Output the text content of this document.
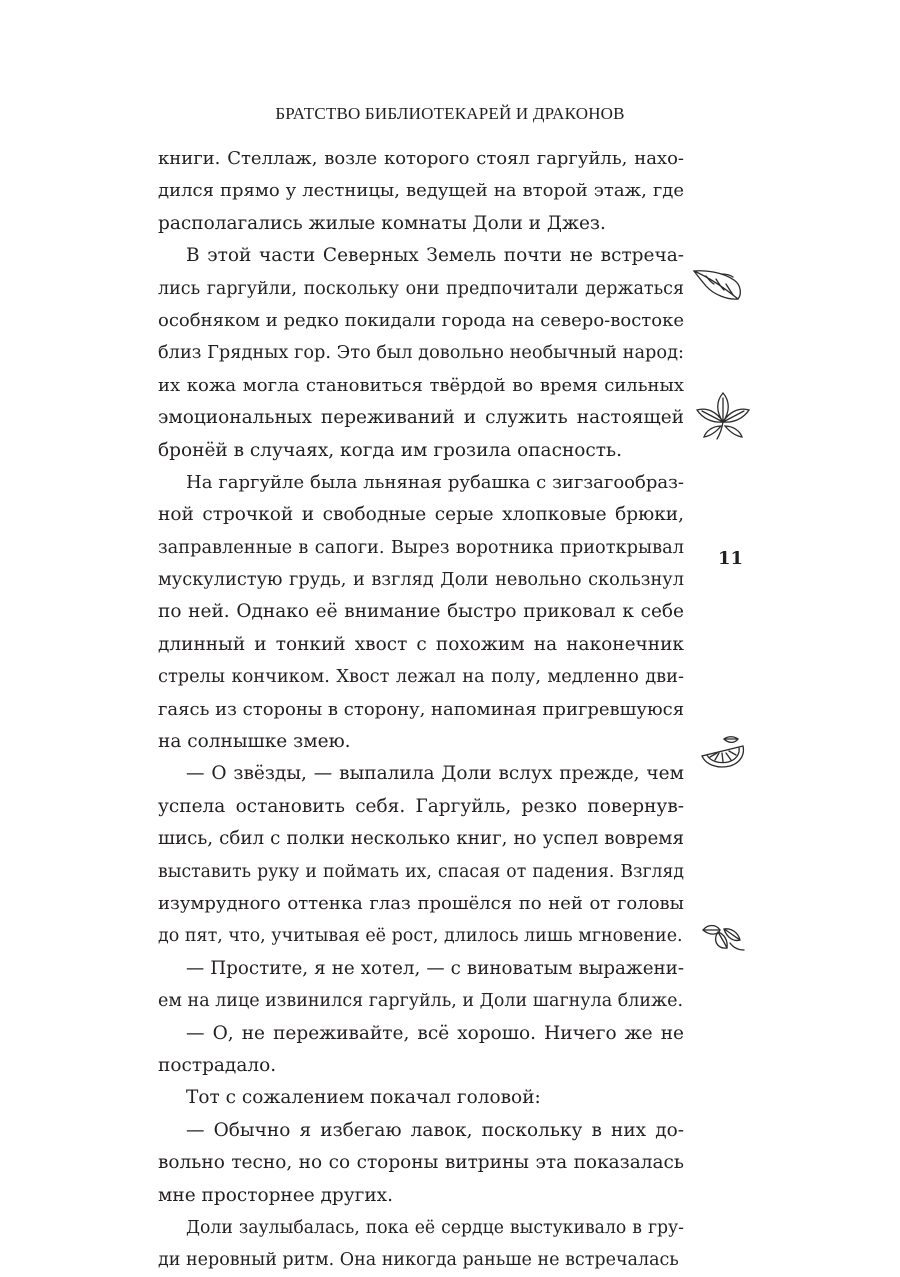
БРАТСТВО БИБЛИОТЕКАРЕЙ И ДРАКОНОВ
книги. Стеллаж, возле которого стоял гаргуйль, нахо-
дился прямо у лестницы, ведущей на второй этаж, где
располагались жилые комнаты Доли и Джез.
В этой части Северных Земель почти не встреча-
лись гаргуйли, поскольку они предпочитали держаться
особняком и редко покидали города на северо-востоке
близ Грядных гор. Это был довольно необычный народ:
их кожа могла становиться твёрдой во время сильных
эмоциональных переживаний и служить настоящей
бронёй в случаях, когда им грозила опасность.
На гаргуйле была льняная рубашка с зигзагообраз-
ной строчкой и свободные серые хлопковые брюки,
заправленные в сапоги. Вырез воротника приоткрывал
мускулистую грудь, и взгляд Доли невольно скользнул
по ней. Однако её внимание быстро приковал к себе
длинный и тонкий хвост с похожим на наконечник
стрелы кончиком. Хвост лежал на полу, медленно дви-
гаясь из стороны в сторону, напоминая пригревшуюся
на солнышке змею.
— О звёзды, — выпалила Доли вслух прежде, чем
успела остановить себя. Гаргуйль, резко повернув-
шись, сбил с полки несколько книг, но успел вовремя
выставить руку и поймать их, спасая от падения. Взгляд
изумрудного оттенка глаз прошёлся по ней от головы
до пят, что, учитывая её рост, длилось лишь мгновение.
— Простите, я не хотел, — с виноватым выражени-
ем на лице извинился гаргуйль, и Доли шагнула ближе.
— О, не переживайте, всё хорошо. Ничего же не
пострадало.
Тот с сожалением покачал головой:
— Обычно я избегаю лавок, поскольку в них до-
вольно тесно, но со стороны витрины эта показалась
мне просторнее других.
Доли заулыбалась, пока её сердце выстукивало в гру-
ди неровный ритм. Она никогда раньше не встречалась
11
